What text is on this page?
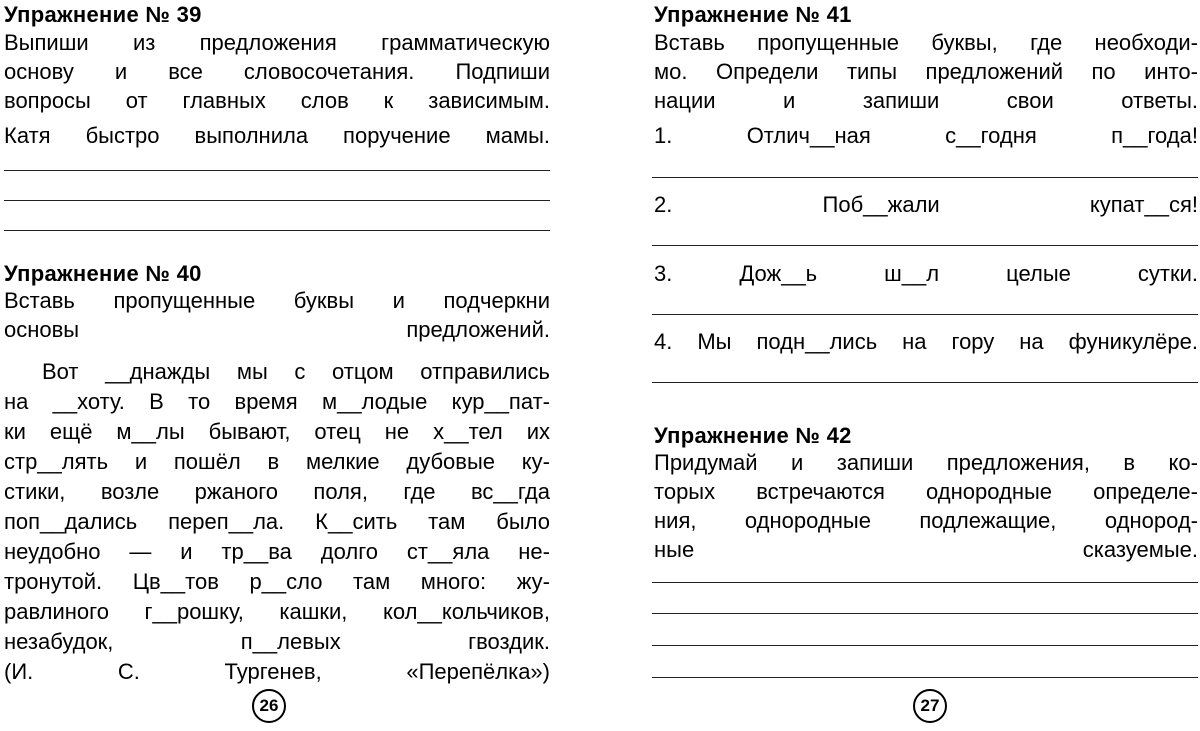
Упражнение № 39
Выпиши из предложения грамматическую
основу и все словосочетания. Подпиши
вопросы от главных слов к зависимым.
Катя быстро выполнила поручение мамы.
Упражнение № 40
Вставь пропущенные буквы и подчеркни
основы предложений.
Вот __днажды мы с отцом отправились
на __хоту. В то время м__лодые кур__пат-
ки ещё м__лы бывают, отец не х__тел их
стр__лять и пошёл в мелкие дубовые ку-
стики, возле ржаного поля, где вс__гда
поп__дались переп__ла. К__сить там было
неудобно — и тр__ва долго ст__яла не-
тронутой. Цв__тов р__сло там много: жу-
равлиного г__рошку, кашки, кол__кольчиков,
незабудок, п__левых гвоздик.
(И. С. Тургенев, «Перепёлка»)
26
Упражнение № 41
Вставь пропущенные буквы, где необходи-
мо. Определи типы предложений по инто-
нации и запиши свои ответы.
1. Отлич__ная с__годня п__года!
2. Поб__жали купат__ся!
3. Дож__ь ш__л целые сутки.
4. Мы подн__лись на гору на фуникулёре.
Упражнение № 42
Придумай и запиши предложения, в ко-
торых встречаются однородные определе-
ния, однородные подлежащие, однород-
ные сказуемые.
27
